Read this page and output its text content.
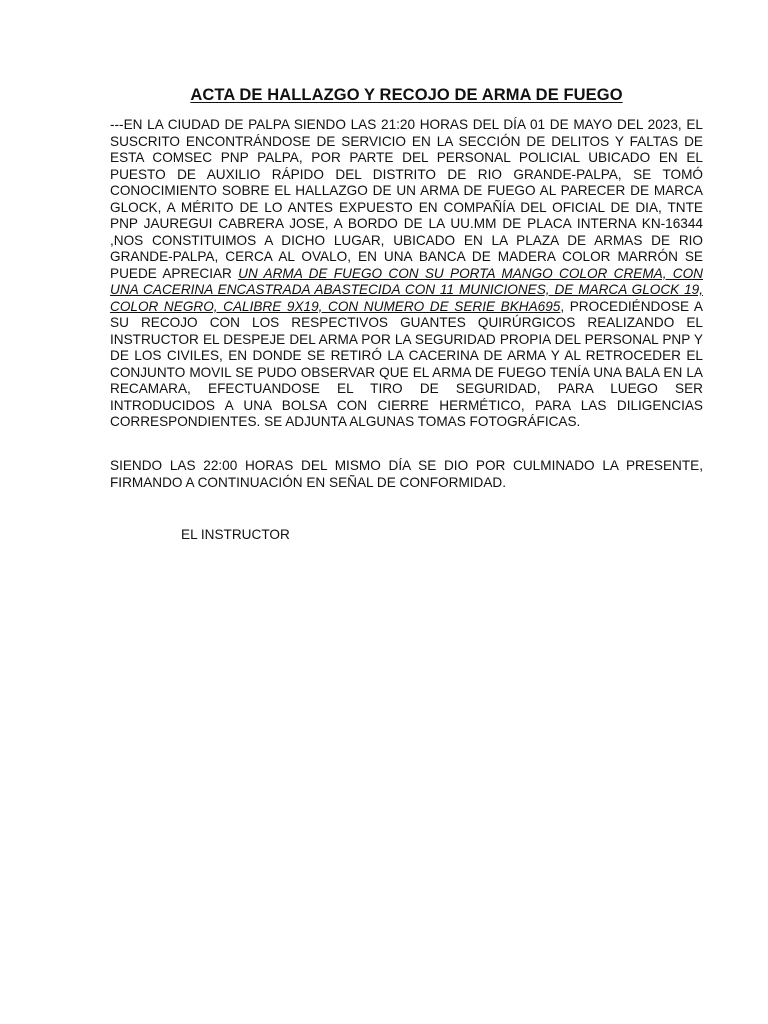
ACTA DE HALLAZGO Y RECOJO DE ARMA DE FUEGO

---EN LA CIUDAD DE PALPA SIENDO LAS 21:20 HORAS DEL DÍA 01 DE MAYO DEL 2023, EL SUSCRITO ENCONTRÁNDOSE DE SERVICIO EN LA SECCIÓN DE DELITOS Y FALTAS DE ESTA COMSEC PNP PALPA, POR PARTE DEL PERSONAL POLICIAL UBICADO EN EL PUESTO DE AUXILIO RÁPIDO DEL DISTRITO DE RIO GRANDE-PALPA, SE TOMÓ CONOCIMIENTO SOBRE EL HALLAZGO DE UN ARMA DE FUEGO AL PARECER DE MARCA GLOCK, A MÉRITO DE LO ANTES EXPUESTO EN COMPAÑÍA DEL OFICIAL DE DIA, TNTE PNP JAUREGUI CABRERA JOSE, A BORDO DE LA UU.MM DE PLACA INTERNA KN-16344 ,NOS CONSTITUIMOS A DICHO LUGAR, UBICADO EN LA PLAZA DE ARMAS DE RIO GRANDE-PALPA, CERCA AL OVALO, EN UNA BANCA DE MADERA COLOR MARRÓN SE PUEDE APRECIAR UN ARMA DE FUEGO CON SU PORTA MANGO COLOR CREMA, CON UNA CACERINA ENCASTRADA ABASTECIDA CON 11 MUNICIONES, DE MARCA GLOCK 19, COLOR NEGRO, CALIBRE 9X19, CON NUMERO DE SERIE BKHA695, PROCEDIÉNDOSE A SU RECOJO CON LOS RESPECTIVOS GUANTES QUIRÚRGICOS REALIZANDO EL INSTRUCTOR EL DESPEJE DEL ARMA POR LA SEGURIDAD PROPIA DEL PERSONAL PNP Y DE LOS CIVILES, EN DONDE SE RETIRÓ LA CACERINA DE ARMA Y AL RETROCEDER EL CONJUNTO MOVIL SE PUDO OBSERVAR QUE EL ARMA DE FUEGO TENÍA UNA BALA EN LA RECAMARA, EFECTUANDOSE EL TIRO DE SEGURIDAD, PARA LUEGO SER INTRODUCIDOS A UNA BOLSA CON CIERRE HERMÉTICO, PARA LAS DILIGENCIAS CORRESPONDIENTES. SE ADJUNTA ALGUNAS TOMAS FOTOGRÁFICAS.

SIENDO LAS 22:00 HORAS DEL MISMO DÍA SE DIO POR CULMINADO LA PRESENTE, FIRMANDO A CONTINUACIÓN EN SEÑAL DE CONFORMIDAD.

EL INSTRUCTOR
